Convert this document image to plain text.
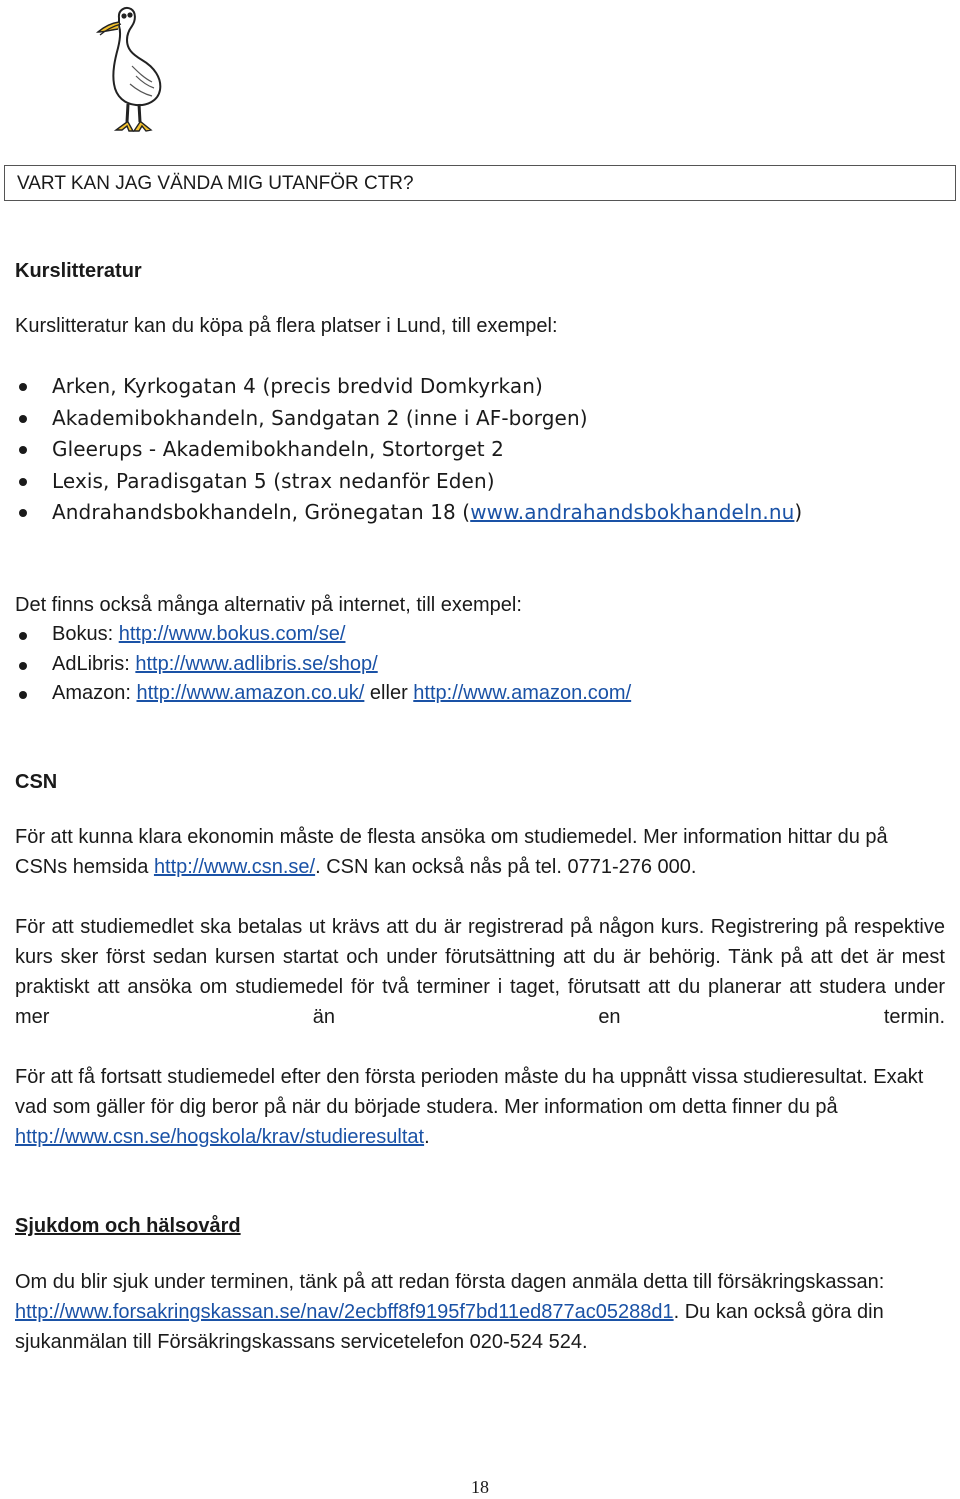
VART KAN JAG VÄNDA MIG UTANFÖR CTR?
Kurslitteratur
Kurslitteratur kan du köpa på flera platser i Lund, till exempel:
Arken, Kyrkogatan 4 (precis bredvid Domkyrkan)
Akademibokhandeln, Sandgatan 2 (inne i AF-borgen)
Gleerups - Akademibokhandeln, Stortorget 2
Lexis, Paradisgatan 5 (strax nedanför Eden)
Andrahandsbokhandeln, Grönegatan 18 (www.andrahandsbokhandeln.nu)
Det finns också många alternativ på internet, till exempel:
Bokus: http://www.bokus.com/se/
AdLibris: http://www.adlibris.se/shop/
Amazon: http://www.amazon.co.uk/ eller http://www.amazon.com/
CSN
För att kunna klara ekonomin måste de flesta ansöka om studiemedel. Mer information hittar du på CSNs hemsida http://www.csn.se/. CSN kan också nås på tel. 0771-276 000.
För att studiemedlet ska betalas ut krävs att du är registrerad på någon kurs. Registrering på respektive kurs sker först sedan kursen startat och under förutsättning att du är behörig. Tänk på att det är mest praktiskt att ansöka om studiemedel för två terminer i taget, förutsatt att du planerar att studera under mer än en termin.
För att få fortsatt studiemedel efter den första perioden måste du ha uppnått vissa studieresultat. Exakt vad som gäller för dig beror på när du började studera. Mer information om detta finner du på http://www.csn.se/hogskola/krav/studieresultat.
Sjukdom och hälsovård
Om du blir sjuk under terminen, tänk på att redan första dagen anmäla detta till försäkringskassan: http://www.forsakringskassan.se/nav/2ecbff8f9195f7bd11ed877ac05288d1. Du kan också göra din sjukanmälan till Försäkringskassans servicetelefon 020-524 524.
18
